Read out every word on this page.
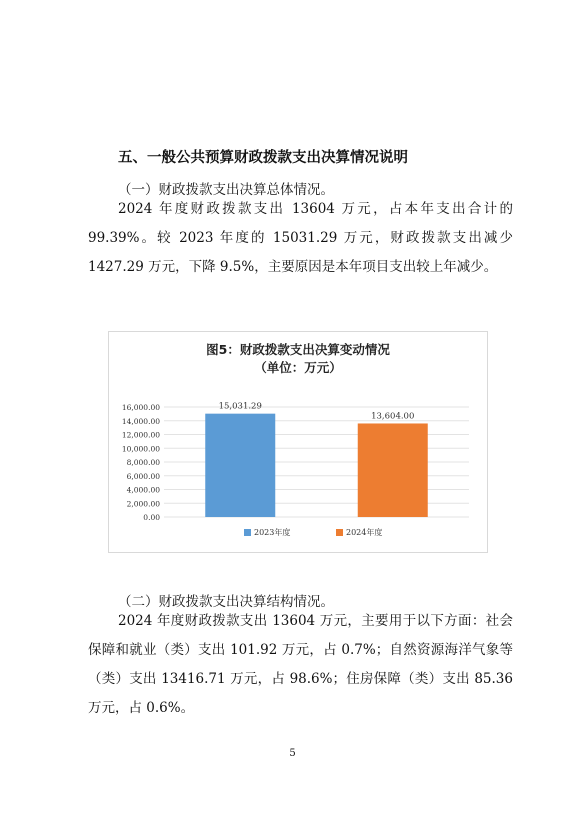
五、一般公共预算财政拨款支出决算情况说明
（一）财政拨款支出决算总体情况。
2024 年度财政拨款支出 13604 万元，占本年支出合计的 99.39%。较 2023 年度的 15031.29 万元，财政拨款支出减少 1427.29 万元，下降 9.5%，主要原因是本年项目支出较上年减少。
图5：财政拨款支出决算变动情况
（单位：万元）
0.00
2,000.00
4,000.00
6,000.00
8,000.00
10,000.00
12,000.00
14,000.00
16,000.00	15,031.29
13,604.00
2023年度	2024年度
（二）财政拨款支出决算结构情况。
2024 年度财政拨款支出 13604 万元，主要用于以下方面：社会保障和就业（类）支出 101.92 万元，占 0.7%；自然资源海洋气象等（类）支出 13416.71 万元，占 98.6%；住房保障（类）支出 85.36 万元，占 0.6%。
5
